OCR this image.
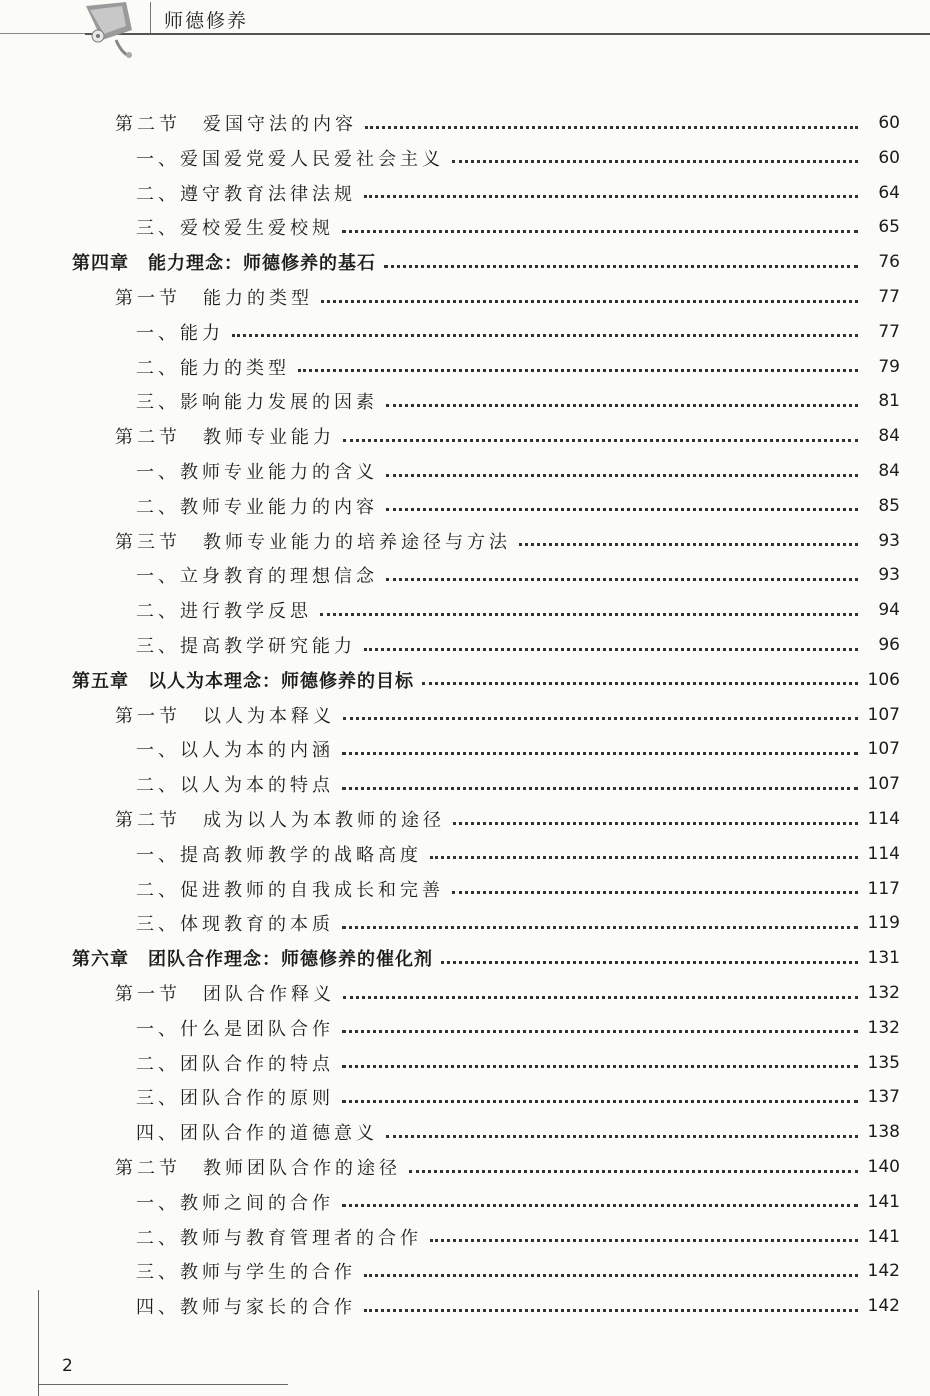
师德修养
第二节　爱国守法的内容	60
一、爱国爱党爱人民爱社会主义	60
二、遵守教育法律法规	64
三、爱校爱生爱校规	65
第四章　能力理念：师德修养的基石	76
第一节　能力的类型	77
一、能力	77
二、能力的类型	79
三、影响能力发展的因素	81
第二节　教师专业能力	84
一、教师专业能力的含义	84
二、教师专业能力的内容	85
第三节　教师专业能力的培养途径与方法	93
一、立身教育的理想信念	93
二、进行教学反思	94
三、提高教学研究能力	96
第五章　以人为本理念：师德修养的目标	106
第一节　以人为本释义	107
一、以人为本的内涵	107
二、以人为本的特点	107
第二节　成为以人为本教师的途径	114
一、提高教师教学的战略高度	114
二、促进教师的自我成长和完善	117
三、体现教育的本质	119
第六章　团队合作理念：师德修养的催化剂	131
第一节　团队合作释义	132
一、什么是团队合作	132
二、团队合作的特点	135
三、团队合作的原则	137
四、团队合作的道德意义	138
第二节　教师团队合作的途径	140
一、教师之间的合作	141
二、教师与教育管理者的合作	141
三、教师与学生的合作	142
四、教师与家长的合作	142
2
